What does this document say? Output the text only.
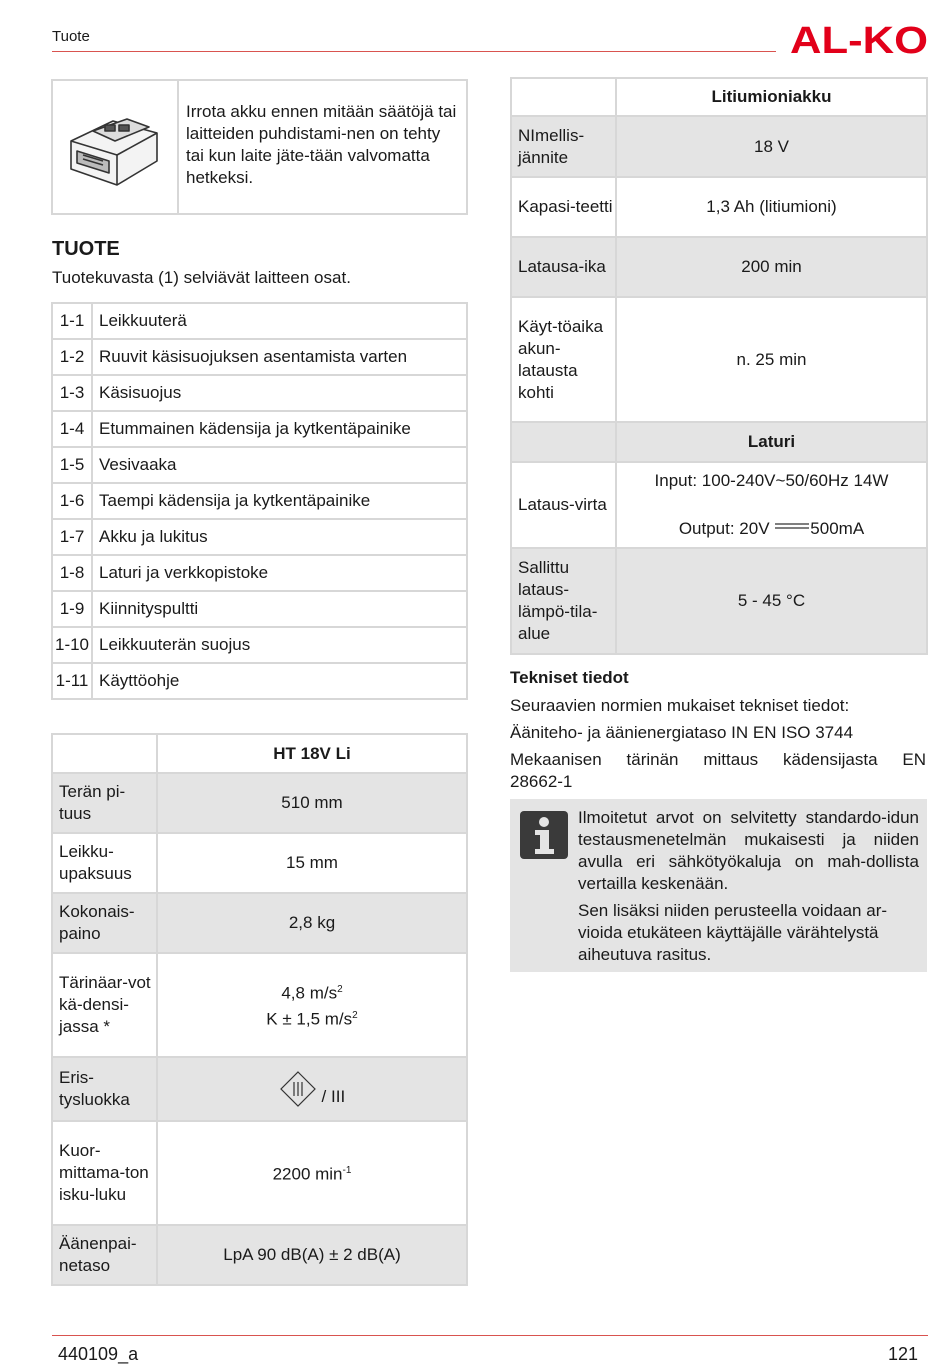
Tuote	AL-KO
Irrota akku ennen mitään säätöjä tai laitteiden puhdistami-nen on tehty tai kun laite jäte-tään valvomatta hetkeksi.
TUOTE
Tuotekuvasta (1) selviävät laitteen osat.
1-1	Leikkuuterä
1-2	Ruuvit käsisuojuksen asentamista varten
1-3	Käsisuojus
1-4	Etummainen kädensija ja kytkentäpainike
1-5	Vesivaaka
1-6	Taempi kädensija ja kytkentäpainike
1-7	Akku ja lukitus
1-8	Laturi ja verkkopistoke
1-9	Kiinnityspultti
1-10	Leikkuuterän suojus
1-11	Käyttöohje
	HT 18V Li
Terän pi-tuus	510 mm
Leikku-upaksuus	15 mm
Kokonais-paino	2,8 kg
Tärinäar-vot kä-densi-jassa *	4,8 $m/s^2$
K ± 1,5 $m/s^2$
Eris-tysluokka	/ III
Kuor-mittama-ton isku-luku	2200 $\min^{-1}$
Äänenpai-netaso	LpA 90 dB(A) ± 2 dB(A)
	Litiumioniakku
NImellis-jännite	18 V
Kapasi-teetti	1,3 Ah (litiumioni)
Latausa-ika	200 min
Käyt-töaika akun-latausta kohti	n. 25 min
	Laturi
Lataus-virta	Input: 100-240V~50/60Hz 14W
Output: 20V 500mA

Sallittu lataus-lämpö-tila-alue	5 - 45 °C
Tekniset tiedot
Seuraavien normien mukaiset tekniset tiedot:
Ääniteho- ja äänienergiataso IN EN ISO 3744
Mekaanisen tärinän mittaus kädensijasta EN
28662-1
Ilmoitetut arvot on selvitetty standardo-idun testausmenetelmän mukaisesti ja niiden avulla eri sähkötyökaluja on mah-dollista vertailla keskenään.
Sen lisäksi niiden perusteella voidaan ar-vioida etukäteen käyttäjälle värähtelystä aiheutuva rasitus.
440109_a	121
